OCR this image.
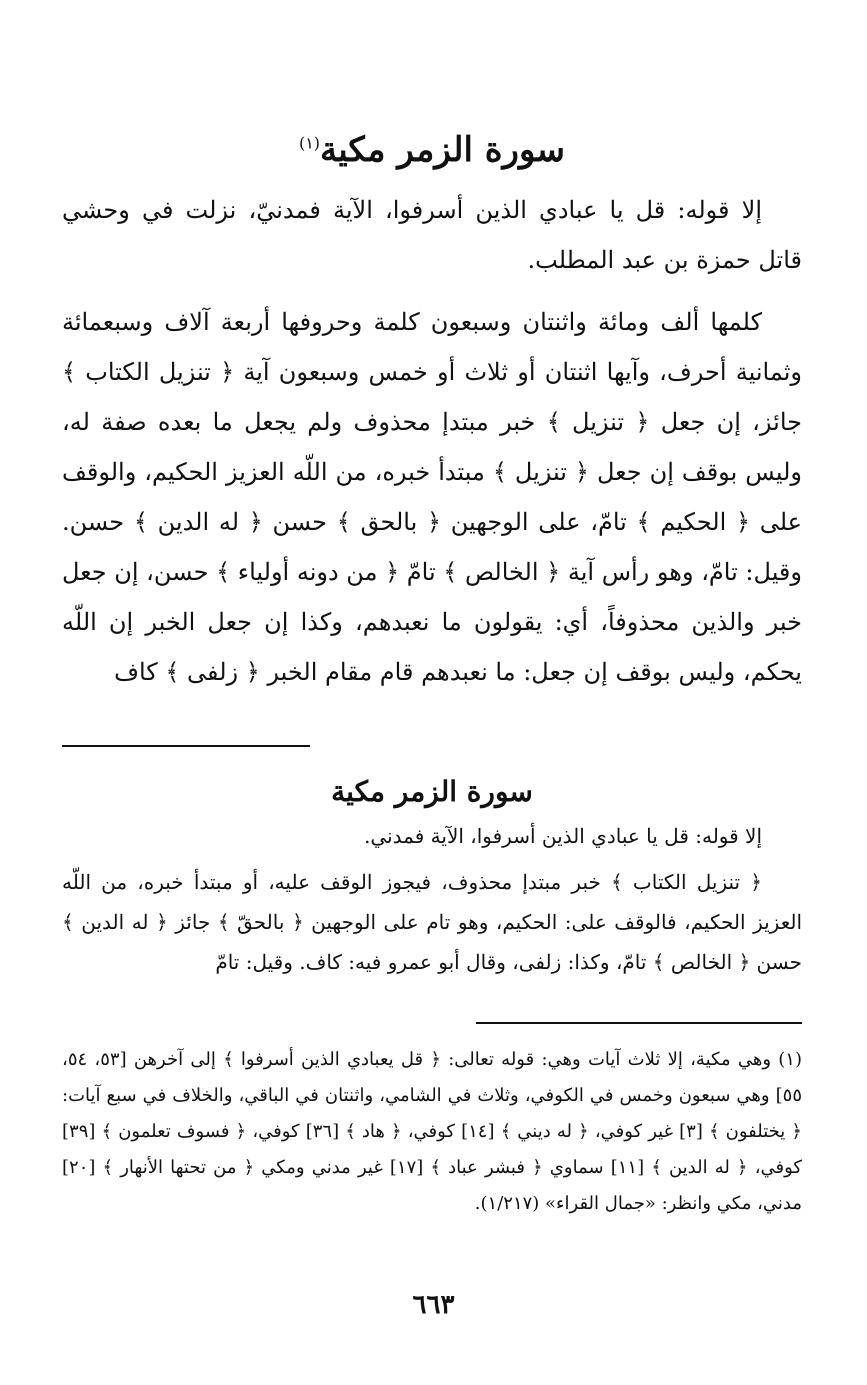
سورة الزمر مكية$^{(١)}$

إلا قوله: قل يا عبادي الذين أسرفوا، الآية فمدنيّ، نزلت في وحشي قاتل حمزة بن عبد المطلب.

كلمها ألف ومائة واثنتان وسبعون كلمة وحروفها أربعة آلاف وسبعمائة وثمانية أحرف، وآيها اثنتان أو ثلاث أو خمس وسبعون آية ﴿ تنزيل الكتاب ﴾ جائز، إن جعل ﴿ تنزيل ﴾ خبر مبتدإ محذوف ولم يجعل ما بعده صفة له، وليس بوقف إن جعل ﴿ تنزيل ﴾ مبتدأ خبره، من اللّه العزيز الحكيم، والوقف على ﴿ الحكيم ﴾ تامّ، على الوجهين ﴿ بالحق ﴾ حسن ﴿ له الدين ﴾ حسن. وقيل: تامّ، وهو رأس آية ﴿ الخالص ﴾ تامّ ﴿ من دونه أولياء ﴾ حسن، إن جعل خبر والذين محذوفاً، أي: يقولون ما نعبدهم، وكذا إن جعل الخبر إن اللّه يحكم، وليس بوقف إن جعل: ما نعبدهم قام مقام الخبر ﴿ زلفى ﴾ كاف

سورة الزمر مكية

إلا قوله: قل يا عبادي الذين أسرفوا، الآية فمدني.

﴿ تنزيل الكتاب ﴾ خبر مبتدإ محذوف، فيجوز الوقف عليه، أو مبتدأ خبره، من اللّه العزيز الحكيم، فالوقف على: الحكيم، وهو تام على الوجهين ﴿ بالحقّ ﴾ جائز ﴿ له الدين ﴾ حسن ﴿ الخالص ﴾ تامّ، وكذا: زلفى، وقال أبو عمرو فيه: كاف. وقيل: تامّ

(١) وهي مكية، إلا ثلاث آيات وهي: قوله تعالى: ﴿ قل يعبادي الذين أسرفوا ﴾ إلى آخرهن [٥٣، ٥٤، ٥٥] وهي سبعون وخمس في الكوفي، وثلاث في الشامي، واثنتان في الباقي، والخلاف في سبع آيات: ﴿ يختلفون ﴾ [٣] غير كوفي، ﴿ له ديني ﴾ [١٤] كوفي، ﴿ هاد ﴾ [٣٦] كوفي، ﴿ فسوف تعلمون ﴾ [٣٩] كوفي، ﴿ له الدين ﴾ [١١] سماوي ﴿ فبشر عباد ﴾ [١٧] غير مدني ومكي ﴿ من تحتها الأنهار ﴾ [٢٠] مدني، مكي وانظر: «جمال القراء» (١/٢١٧).

٦٦٣
